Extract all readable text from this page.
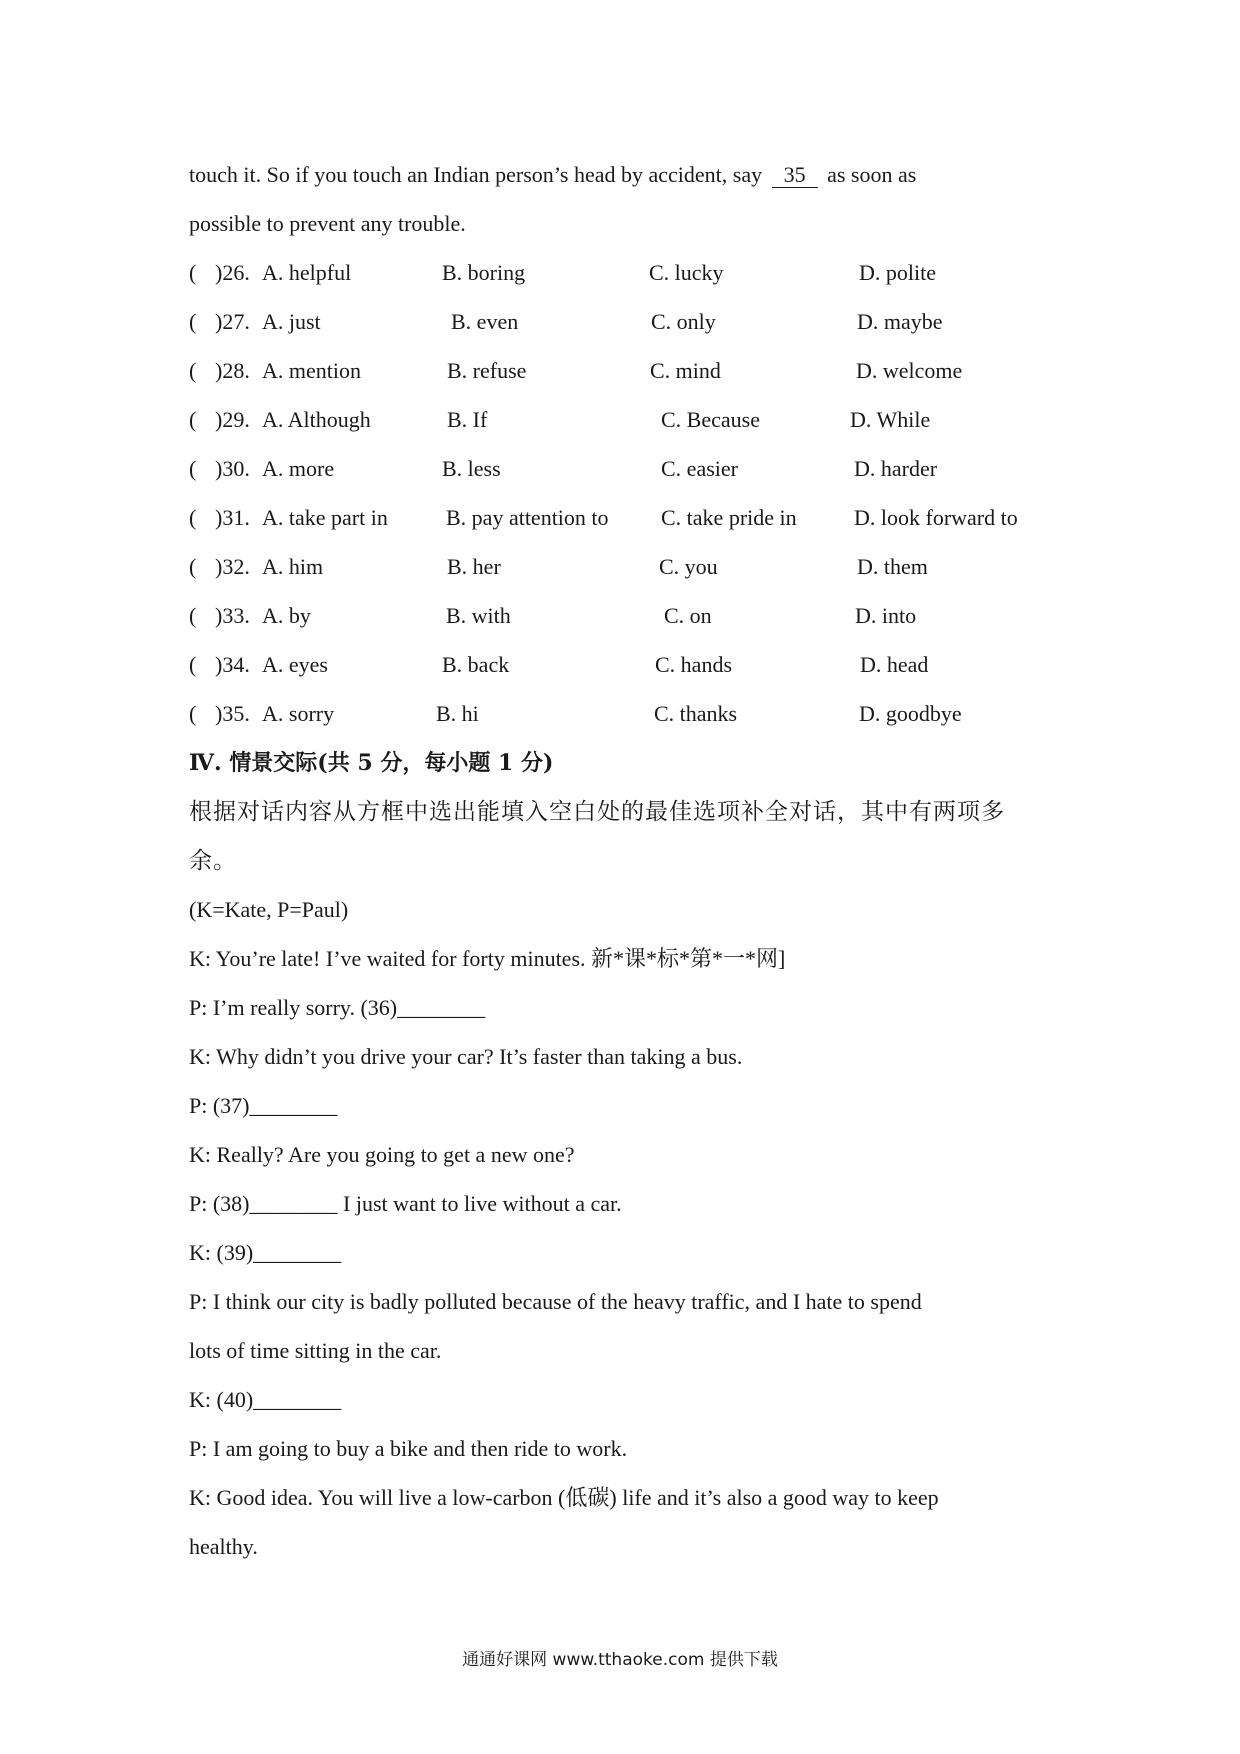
touch it. So if you touch an Indian person’s head by accident, say 35 as soon as
possible to prevent any trouble.
( )26. A. helpful	B. boring	C. lucky	D. polite
( )27. A. just	B. even	C. only	D. maybe
( )28. A. mention	B. refuse	C. mind	D. welcome
( )29. A. Although	B. If	C. Because	D. While
( )30. A. more	B. less	C. easier	D. harder
( )31. A. take part in	B. pay attention to C. take pride in	D. look forward to
( )32. A. him	B. her	C. you	D. them
( )33. A. by	B. with	C. on	D. into
( )34. A. eyes	B. back	C. hands	D. head
( )35. A. sorry	B. hi	C. thanks	D. goodbye
Ⅳ. 情景交际(共 5 分，每小题 1 分)
根据对话内容从方框中选出能填入空白处的最佳选项补全对话，其中有两项多
余。
(K=Kate, P=Paul)
K: You’re late! I’ve waited for forty minutes. 新*课*标*第*一*网]
P: I’m really sorry. (36)________
K: Why didn’t you drive your car? It’s faster than taking a bus.
P: (37)________
K: Really? Are you going to get a new one?
P: (38)________ I just want to live without a car.
K: (39)________
P: I think our city is badly polluted because of the heavy traffic, and I hate to spend
lots of time sitting in the car.
K: (40)________
P: I am going to buy a bike and then ride to work.
K: Good idea. You will live a low-carbon (低碳) life and it’s also a good way to keep
healthy.
通通好课网 www.tthaoke.com 提供下载
